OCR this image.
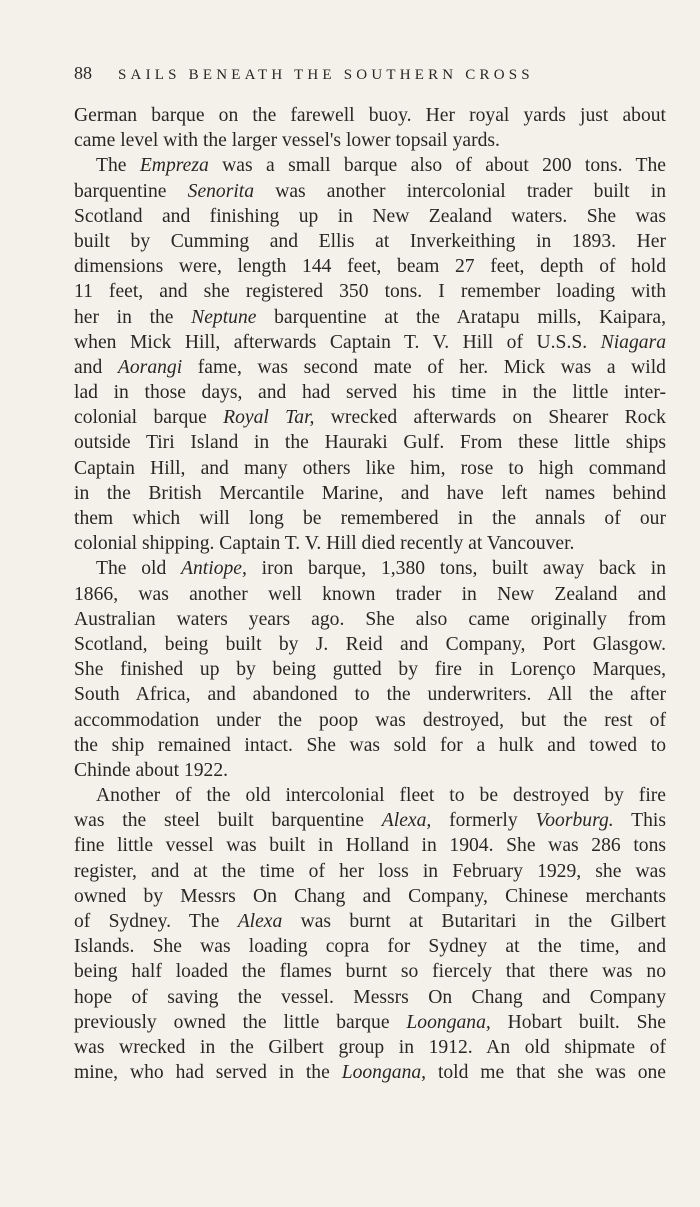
88 SAILS BENEATH THE SOUTHERN CROSS
German barque on the farewell buoy. Her royal yards just about
came level with the larger vessel's lower topsail yards.
The Empreza was a small barque also of about 200 tons. The
barquentine Senorita was another intercolonial trader built in
Scotland and finishing up in New Zealand waters. She was
built by Cumming and Ellis at Inverkeithing in 1893. Her
dimensions were, length 144 feet, beam 27 feet, depth of hold
11 feet, and she registered 350 tons. I remember loading with
her in the Neptune barquentine at the Aratapu mills, Kaipara,
when Mick Hill, afterwards Captain T. V. Hill of U.S.S. Niagara
and Aorangi fame, was second mate of her. Mick was a wild
lad in those days, and had served his time in the little inter-
colonial barque Royal Tar, wrecked afterwards on Shearer Rock
outside Tiri Island in the Hauraki Gulf. From these little ships
Captain Hill, and many others like him, rose to high command
in the British Mercantile Marine, and have left names behind
them which will long be remembered in the annals of our
colonial shipping. Captain T. V. Hill died recently at Vancouver.
The old Antiope, iron barque, 1,380 tons, built away back in
1866, was another well known trader in New Zealand and
Australian waters years ago. She also came originally from
Scotland, being built by J. Reid and Company, Port Glasgow.
She finished up by being gutted by fire in Lorenço Marques,
South Africa, and abandoned to the underwriters. All the after
accommodation under the poop was destroyed, but the rest of
the ship remained intact. She was sold for a hulk and towed to
Chinde about 1922.
Another of the old intercolonial fleet to be destroyed by fire
was the steel built barquentine Alexa, formerly Voorburg. This
fine little vessel was built in Holland in 1904. She was 286 tons
register, and at the time of her loss in February 1929, she was
owned by Messrs On Chang and Company, Chinese merchants
of Sydney. The Alexa was burnt at Butaritari in the Gilbert
Islands. She was loading copra for Sydney at the time, and
being half loaded the flames burnt so fiercely that there was no
hope of saving the vessel. Messrs On Chang and Company
previously owned the little barque Loongana, Hobart built. She
was wrecked in the Gilbert group in 1912. An old shipmate of
mine, who had served in the Loongana, told me that she was one
